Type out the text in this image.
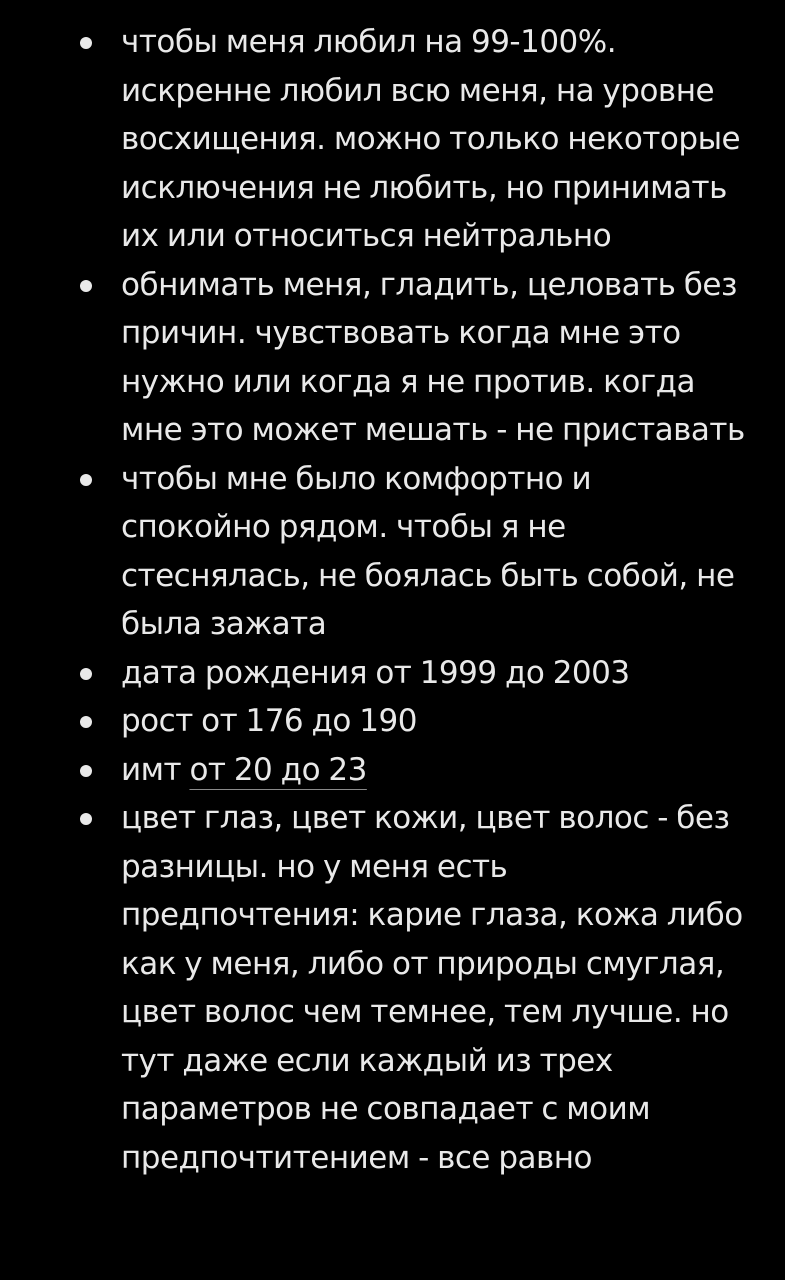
чтобы меня любил на 99-100%. искренне любил всю меня, на уровне восхищения. можно только некоторые исключения не любить, но принимать их или относиться нейтрально
обнимать меня, гладить, целовать без причин. чувствовать когда мне это нужно или когда я не против. когда мне это может мешать - не приставать
чтобы мне было комфортно и спокойно рядом. чтобы я не стеснялась, не боялась быть собой, не была зажата
дата рождения от 1999 до 2003
рост от 176 до 190
имт от 20 до 23
цвет глаз, цвет кожи, цвет волос - без разницы. но у меня есть предпочтения: карие глаза, кожа либо как у меня, либо от природы смуглая, цвет волос чем темнее, тем лучше. но тут даже если каждый из трех параметров не совпадает с моим предпочтитением - все равно
